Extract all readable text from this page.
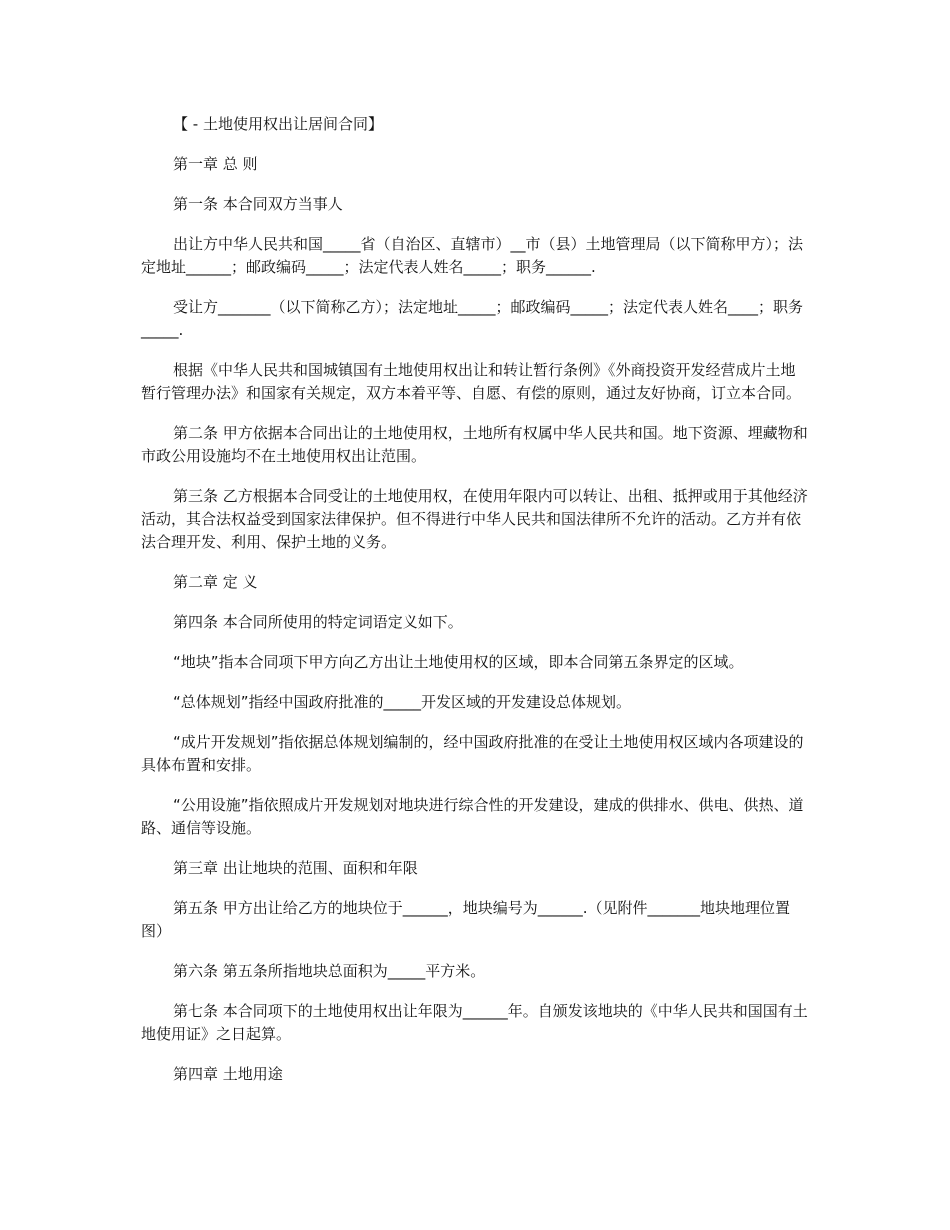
【 - 土地使用权出让居间合同】

第一章 总 则

第一条 本合同双方当事人

出让方中华人民共和国_____省（自治区、直辖市）__市（县）土地管理局（以下简称甲方）；法定地址______；邮政编码_____；法定代表人姓名_____；职务______.

受让方_______（以下简称乙方）；法定地址_____；邮政编码_____；法定代表人姓名____；职务_____.

根据《中华人民共和国城镇国有土地使用权出让和转让暂行条例》《外商投资开发经营成片土地暂行管理办法》和国家有关规定，双方本着平等、自愿、有偿的原则，通过友好协商，订立本合同。

第二条 甲方依据本合同出让的土地使用权，土地所有权属中华人民共和国。地下资源、埋藏物和市政公用设施均不在土地使用权出让范围。

第三条 乙方根据本合同受让的土地使用权，在使用年限内可以转让、出租、抵押或用于其他经济活动，其合法权益受到国家法律保护。但不得进行中华人民共和国法律所不允许的活动。乙方并有依法合理开发、利用、保护土地的义务。

第二章 定 义

第四条 本合同所使用的特定词语定义如下。

“地块”指本合同项下甲方向乙方出让土地使用权的区域，即本合同第五条界定的区域。

“总体规划”指经中国政府批准的_____开发区域的开发建设总体规划。

“成片开发规划”指依据总体规划编制的，经中国政府批准的在受让土地使用权区域内各项建设的具体布置和安排。

“公用设施”指依照成片开发规划对地块进行综合性的开发建设，建成的供排水、供电、供热、道路、通信等设施。

第三章 出让地块的范围、面积和年限

第五条 甲方出让给乙方的地块位于______，地块编号为______.（见附件_______地块地理位置图）

第六条 第五条所指地块总面积为_____平方米。

第七条 本合同项下的土地使用权出让年限为______年。自颁发该地块的《中华人民共和国国有土地使用证》之日起算。

第四章 土地用途
